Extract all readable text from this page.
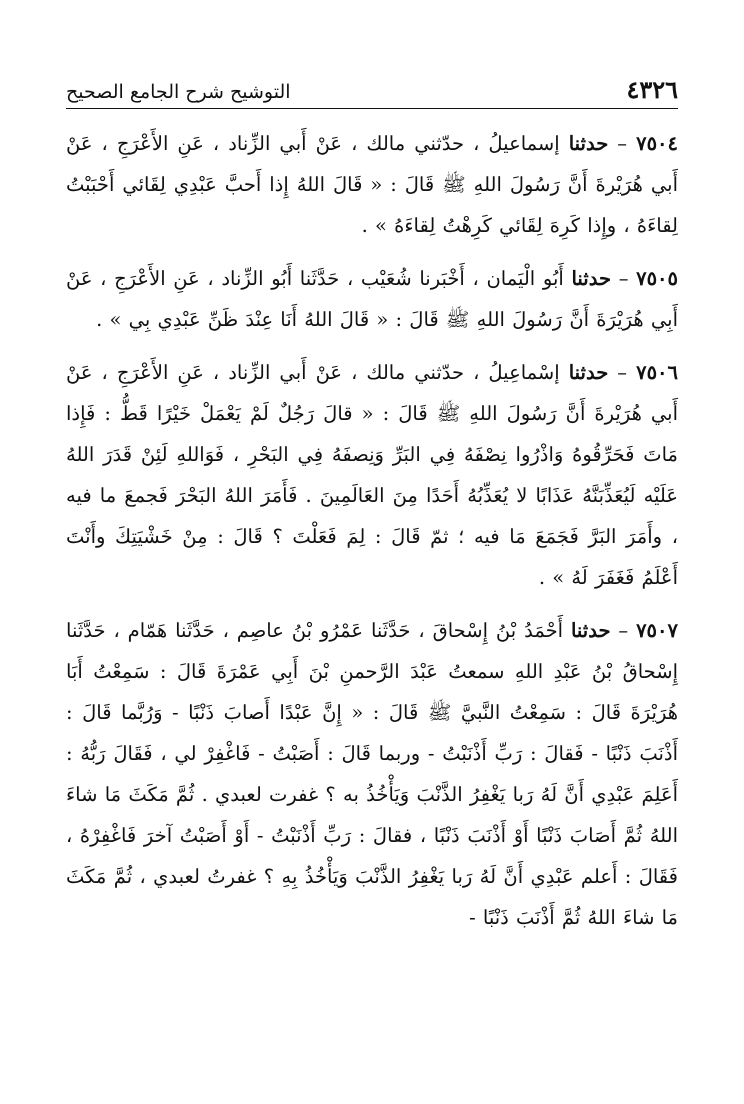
٤٣٢٦
التوشيح شرح الجامع الصحيح

٧٥٠٤ – حدثنا إسماعيلُ ، حدّثني مالك ، عَنْ أَبي الزِّناد ، عَنِ الأَعْرَجِ ، عَنْ أَبي هُرَيْرةَ أَنَّ رَسُولَ اللهِ ﷺ قَالَ : « قَالَ اللهُ إِذا أَحبَّ عَبْدِي لِقَائي أَحْبَبْتُ لِقاءَهُ ، وإِذا كَرِهَ لِقَائي كَرِهْتُ لِقاءَهُ » .

٧٥٠٥ – حدثنا أَبُو الْيَمان ، أَخْبَرنا شُعَيْب ، حَدَّثَنا أَبُو الزِّناد ، عَنِ الأَعْرَجِ ، عَنْ أَبِي هُرَيْرَةَ أَنَّ رَسُولَ اللهِ ﷺ قَالَ : « قَالَ اللهُ أَنَا عِنْدَ ظَنِّ عَبْدِي بِي » .

٧٥٠٦ – حدثنا إسْماعِيلُ ، حدّثني مالك ، عَنْ أَبي الزِّناد ، عَنِ الأَعْرَجِ ، عَنْ أَبي هُرَيْرةَ أَنَّ رَسُولَ اللهِ ﷺ قَالَ : « قالَ رَجُلٌ لَمْ يَعْمَلْ خَيْرًا قَطُّ : فَإِذا مَاتَ فَحَرِّقُوهُ وَاذْرُوا نِصْفَهُ فِي البَرِّ وَنِصفَهُ فِي البَحْرِ ، فَوَاللهِ لَئِنْ قَدَرَ اللهُ عَلَيْه لَيُعَذِّبَنَّهُ عَذَابًا لا يُعَذِّبُهُ أَحَدًا مِنَ العَالَمِينَ . فَأَمَرَ اللهُ البَحْرَ فَجمعَ ما فيه ، وأَمَرَ البَرَّ فَجَمَعَ مَا فيه ؛ ثمّ قَالَ : لِمَ فَعَلْتَ ؟ قَالَ : مِنْ خَشْيَتِكَ وأَنْتَ أَعْلَمُ فَغَفَرَ لَهُ » .

٧٥٠٧ – حدثنا أَحْمَدُ بْنُ إِسْحاقَ ، حَدَّثَنا عَمْرُو بْنُ عاصِم ، حَدَّثَنا هَمّام ، حَدَّثَنا إِسْحاقُ بْنُ عَبْدِ اللهِ سمعتُ عَبْدَ الرَّحمنِ بْنَ أَبِي عَمْرَةَ قَالَ : سَمِعْتُ أَبَا هُرَيْرَةَ قَالَ : سَمِعْتُ النَّبيَّ ﷺ قَالَ : « إِنَّ عَبْدًا أَصابَ ذَنْبًا - وَرُبَّما قَالَ : أَذْنَبَ ذَنْبًا - فَقالَ : رَبِّ أَذْنَبْتُ - وربما قَالَ : أَصَبْتُ - فَاغْفِرْ لي ، فَقَالَ رَبُّهُ : أَعَلِمَ عَبْدِي أَنَّ لَهُ رَبا يَغْفِرُ الذَّنْبَ وَيَأْخُذُ به ؟ غفرت لعبدي . ثُمَّ مَكَثَ مَا شاءَ اللهُ ثُمَّ أَصَابَ ذَنْبًا أَوْ أَذْنَبَ ذَنْبًا ، فقالَ : رَبِّ أَذْنَبْتُ - أَوْ أَصَبْتُ آخرَ فَاغْفِرْهُ ، فَقَالَ : أَعلم عَبْدِي أَنَّ لَهُ رَبا يَغْفِرُ الذَّنْبَ وَيَأْخُذُ بِهِ ؟ غفرتُ لعبدي ، ثُمَّ مَكَثَ مَا شاءَ اللهُ ثُمَّ أَذْنَبَ ذَنْبًا -
